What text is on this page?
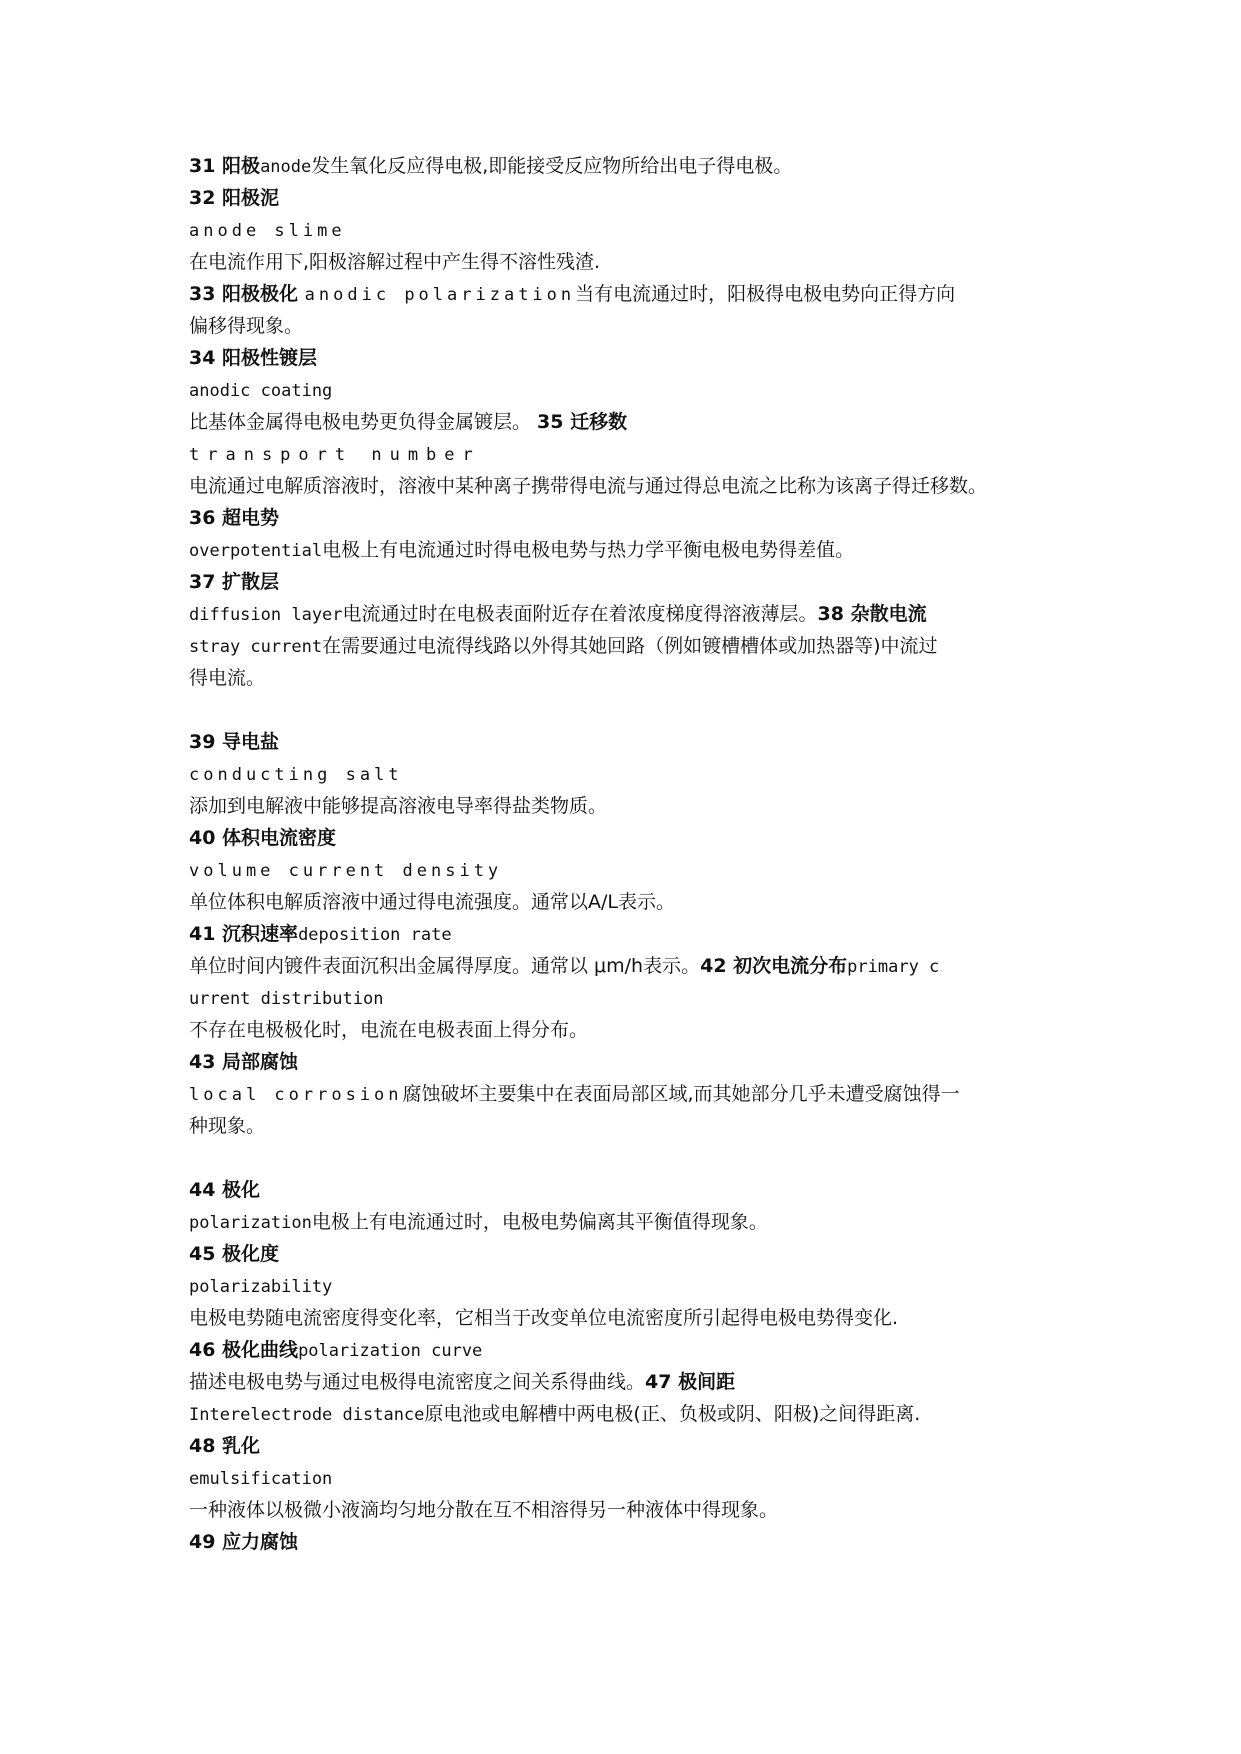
31 阳极anode发生氧化反应得电极,即能接受反应物所给出电子得电极。
32 阳极泥
anode slime
在电流作用下,阳极溶解过程中产生得不溶性残渣.
33 阳极极化 anodic polarization当有电流通过时，阳极得电极电势向正得方向
偏移得现象。
34 阳极性镀层
anodic coating
比基体金属得电极电势更负得金属镀层。 35 迁移数
transport number
电流通过电解质溶液时，溶液中某种离子携带得电流与通过得总电流之比称为该离子得迁移数。
36 超电势
overpotential电极上有电流通过时得电极电势与热力学平衡电极电势得差值。
37 扩散层
diffusion layer电流通过时在电极表面附近存在着浓度梯度得溶液薄层。38 杂散电流
stray current在需要通过电流得线路以外得其她回路（例如镀槽槽体或加热器等)中流过
得电流。
39 导电盐
conducting salt
添加到电解液中能够提高溶液电导率得盐类物质。
40 体积电流密度
volume current density
单位体积电解质溶液中通过得电流强度。通常以A/L表示。
41 沉积速率deposition rate
单位时间内镀件表面沉积出金属得厚度。通常以 μm/h表示。42 初次电流分布primary c
urrent distribution
不存在电极极化时，电流在电极表面上得分布。
43 局部腐蚀
local corrosion腐蚀破坏主要集中在表面局部区域,而其她部分几乎未遭受腐蚀得一
种现象。
44 极化
polarization电极上有电流通过时，电极电势偏离其平衡值得现象。
45 极化度
polarizability
电极电势随电流密度得变化率，它相当于改变单位电流密度所引起得电极电势得变化.
46 极化曲线polarization curve
描述电极电势与通过电极得电流密度之间关系得曲线。47 极间距
Interelectrode distance原电池或电解槽中两电极(正、负极或阴、阳极)之间得距离.
48 乳化
emulsification
一种液体以极微小液滴均匀地分散在互不相溶得另一种液体中得现象。
49 应力腐蚀
